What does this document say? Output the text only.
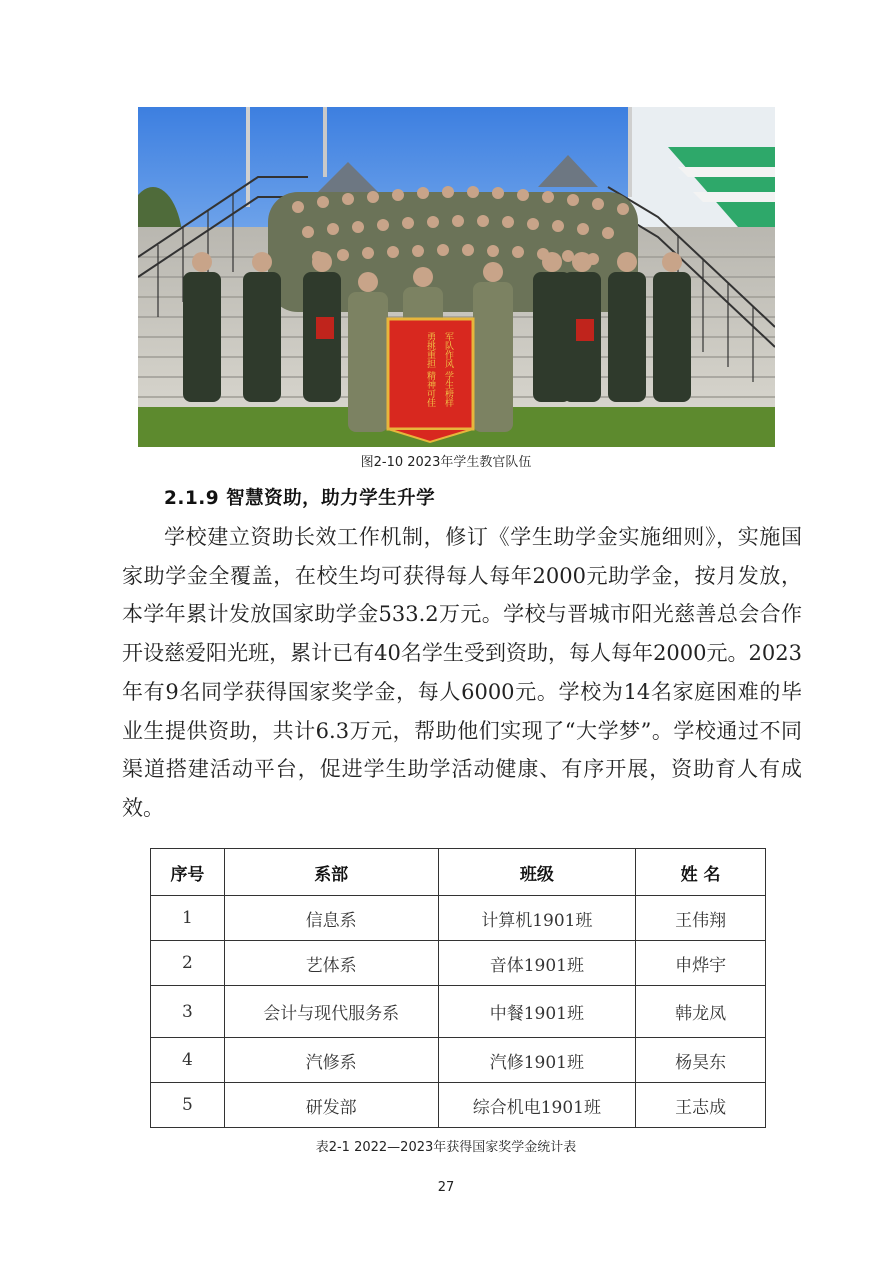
军队作风 学生榜样
勇挑重担 精神可佳
图2-10 2023年学生教官队伍
2.1.9 智慧资助，助力学生升学

学校建立资助长效工作机制，修订《学生助学金实施细则》，实施国家助学金全覆盖，在校生均可获得每人每年2000元助学金，按月发放，本学年累计发放国家助学金533.2万元。学校与晋城市阳光慈善总会合作开设慈爱阳光班，累计已有40名学生受到资助，每人每年2000元。2023年有9名同学获得国家奖学金，每人6000元。学校为14名家庭困难的毕业生提供资助，共计6.3万元，帮助他们实现了“大学梦”。学校通过不同渠道搭建活动平台，促进学生助学活动健康、有序开展，资助育人有成效。

序号	系部	班级	姓 名
1	信息系	计算机1901班	王伟翔
2	艺体系	音体1901班	申烨宇
3	会计与现代服务系	中餐1901班	韩龙凤
4	汽修系	汽修1901班	杨昊东
5	研发部	综合机电1901班	王志成
表2-1 2022—2023年获得国家奖学金统计表
27
